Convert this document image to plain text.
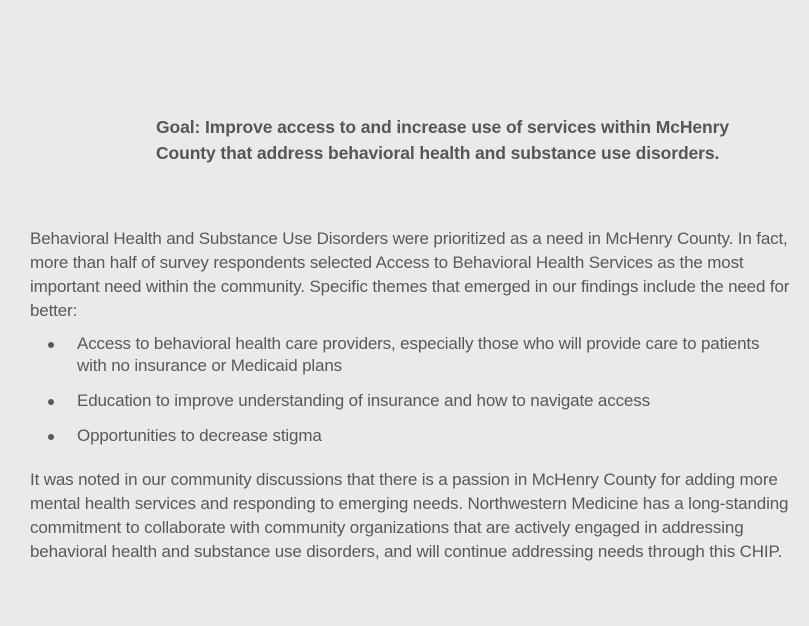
Goal: Improve access to and increase use of services within McHenry County that address behavioral health and substance use disorders.

Behavioral Health and Substance Use Disorders were prioritized as a need in McHenry County. In fact, more than half of survey respondents selected Access to Behavioral Health Services as the most important need within the community. Specific themes that emerged in our findings include the need for better:

Access to behavioral health care providers, especially those who will provide care to patients with no insurance or Medicaid plans
Education to improve understanding of insurance and how to navigate access
Opportunities to decrease stigma

It was noted in our community discussions that there is a passion in McHenry County for adding more mental health services and responding to emerging needs. Northwestern Medicine has a long-standing commitment to collaborate with community organizations that are actively engaged in addressing behavioral health and substance use disorders, and will continue addressing needs through this CHIP.
